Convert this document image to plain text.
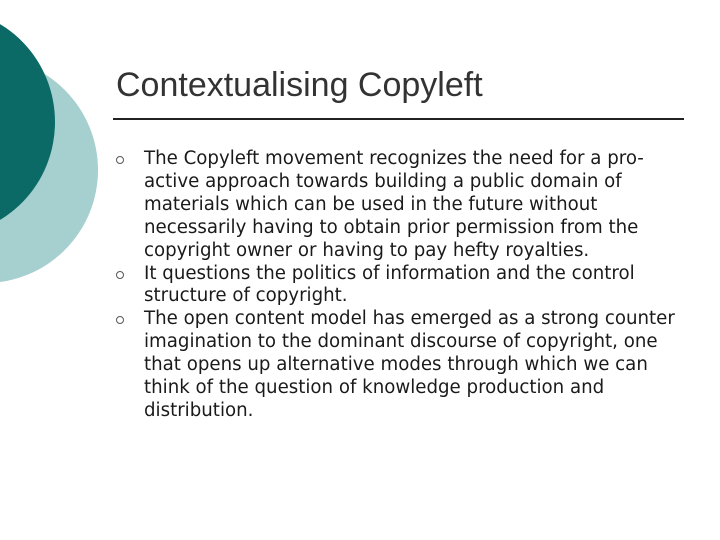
Contextualising Copyleft
The Copyleft movement recognizes the need for a pro-active approach towards building a public domain of materials which can be used in the future without necessarily having to obtain prior permission from the copyright owner or having to pay hefty royalties.
It questions the politics of information and the control structure of copyright.
The open content model has emerged as a strong counter imagination to the dominant discourse of copyright, one that opens up alternative modes through which we can think of the question of knowledge production and distribution.
